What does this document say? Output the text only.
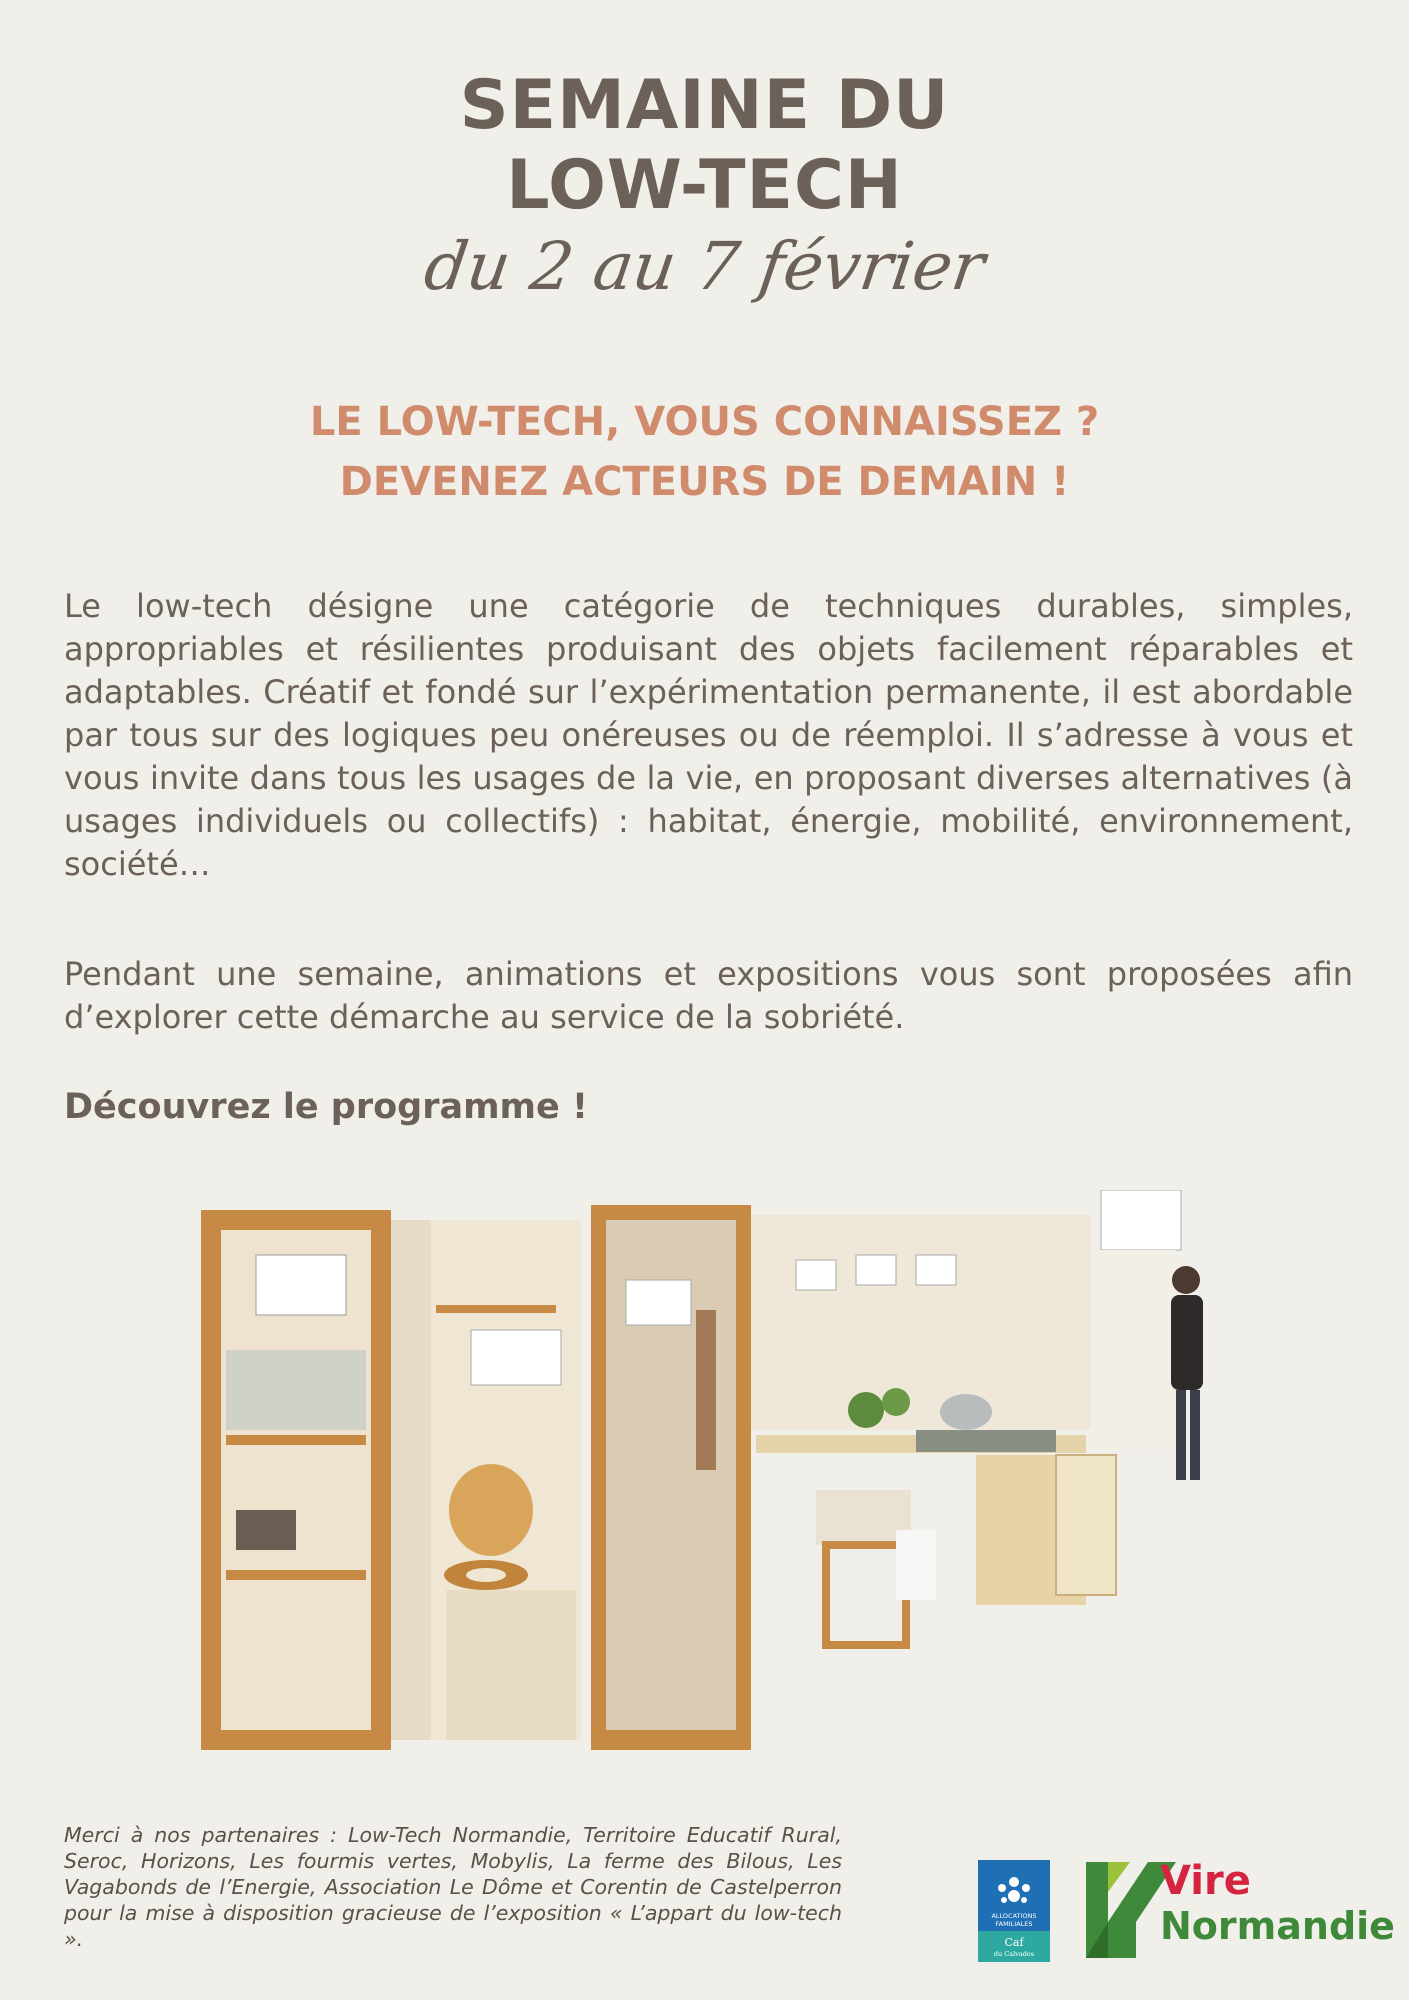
SEMAINE DU
LOW-TECH
du 2 au 7 février
LE LOW-TECH, VOUS CONNAISSEZ ?
DEVENEZ ACTEURS DE DEMAIN !
Le low-tech désigne une catégorie de techniques durables, simples, appropriables et résilientes produisant des objets facilement réparables et adaptables. Créatif et fondé sur l’expérimentation permanente, il est abordable par tous sur des logiques peu onéreuses ou de réemploi. Il s’adresse à vous et vous invite dans tous les usages de la vie, en proposant diverses alternatives (à usages individuels ou collectifs) : habitat, énergie, mobilité, environnement, société…
Pendant une semaine, animations et expositions vous sont proposées afin d’explorer cette démarche au service de la sobriété.
Découvrez le programme !
Merci à nos partenaires : Low-Tech Normandie, Territoire Educatif Rural, Seroc, Horizons, Les fourmis vertes, Mobylis, La ferme des Bilous, Les Vagabonds de l’Energie, Association Le Dôme et Corentin de Castelperron pour la mise à disposition gracieuse de l’exposition « L’appart du low-tech ».
ALLOCATIONS
FAMILIALES
Caf
du Calvados
Vire
Normandie
